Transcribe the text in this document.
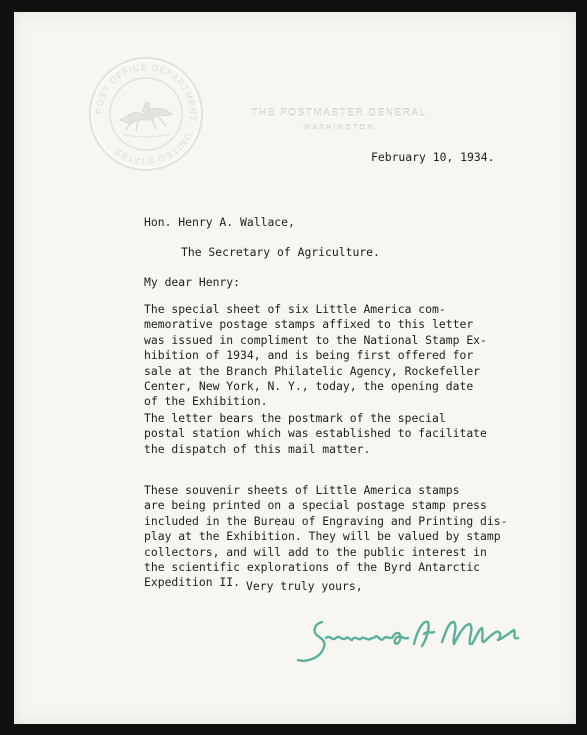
POST OFFICE DEPARTMENT · UNITED STATES
THE POSTMASTER GENERAL
WASHINGTON
February 10, 1934.
Hon. Henry A. Wallace,
The Secretary of Agriculture.
My dear Henry:
The special sheet of six Little America com-
memorative postage stamps affixed to this letter
was issued in compliment to the National Stamp Ex-
hibition of 1934, and is being first offered for
sale at the Branch Philatelic Agency, Rockefeller
Center, New York, N. Y., today, the opening date
of the Exhibition.
The letter bears the postmark of the special
postal station which was established to facilitate
the dispatch of this mail matter.
These souvenir sheets of Little America stamps
are being printed on a special postage stamp press
included in the Bureau of Engraving and Printing dis-
play at the Exhibition. They will be valued by stamp
collectors, and will add to the public interest in
the scientific explorations of the Byrd Antarctic
Expedition II. Very truly yours,
